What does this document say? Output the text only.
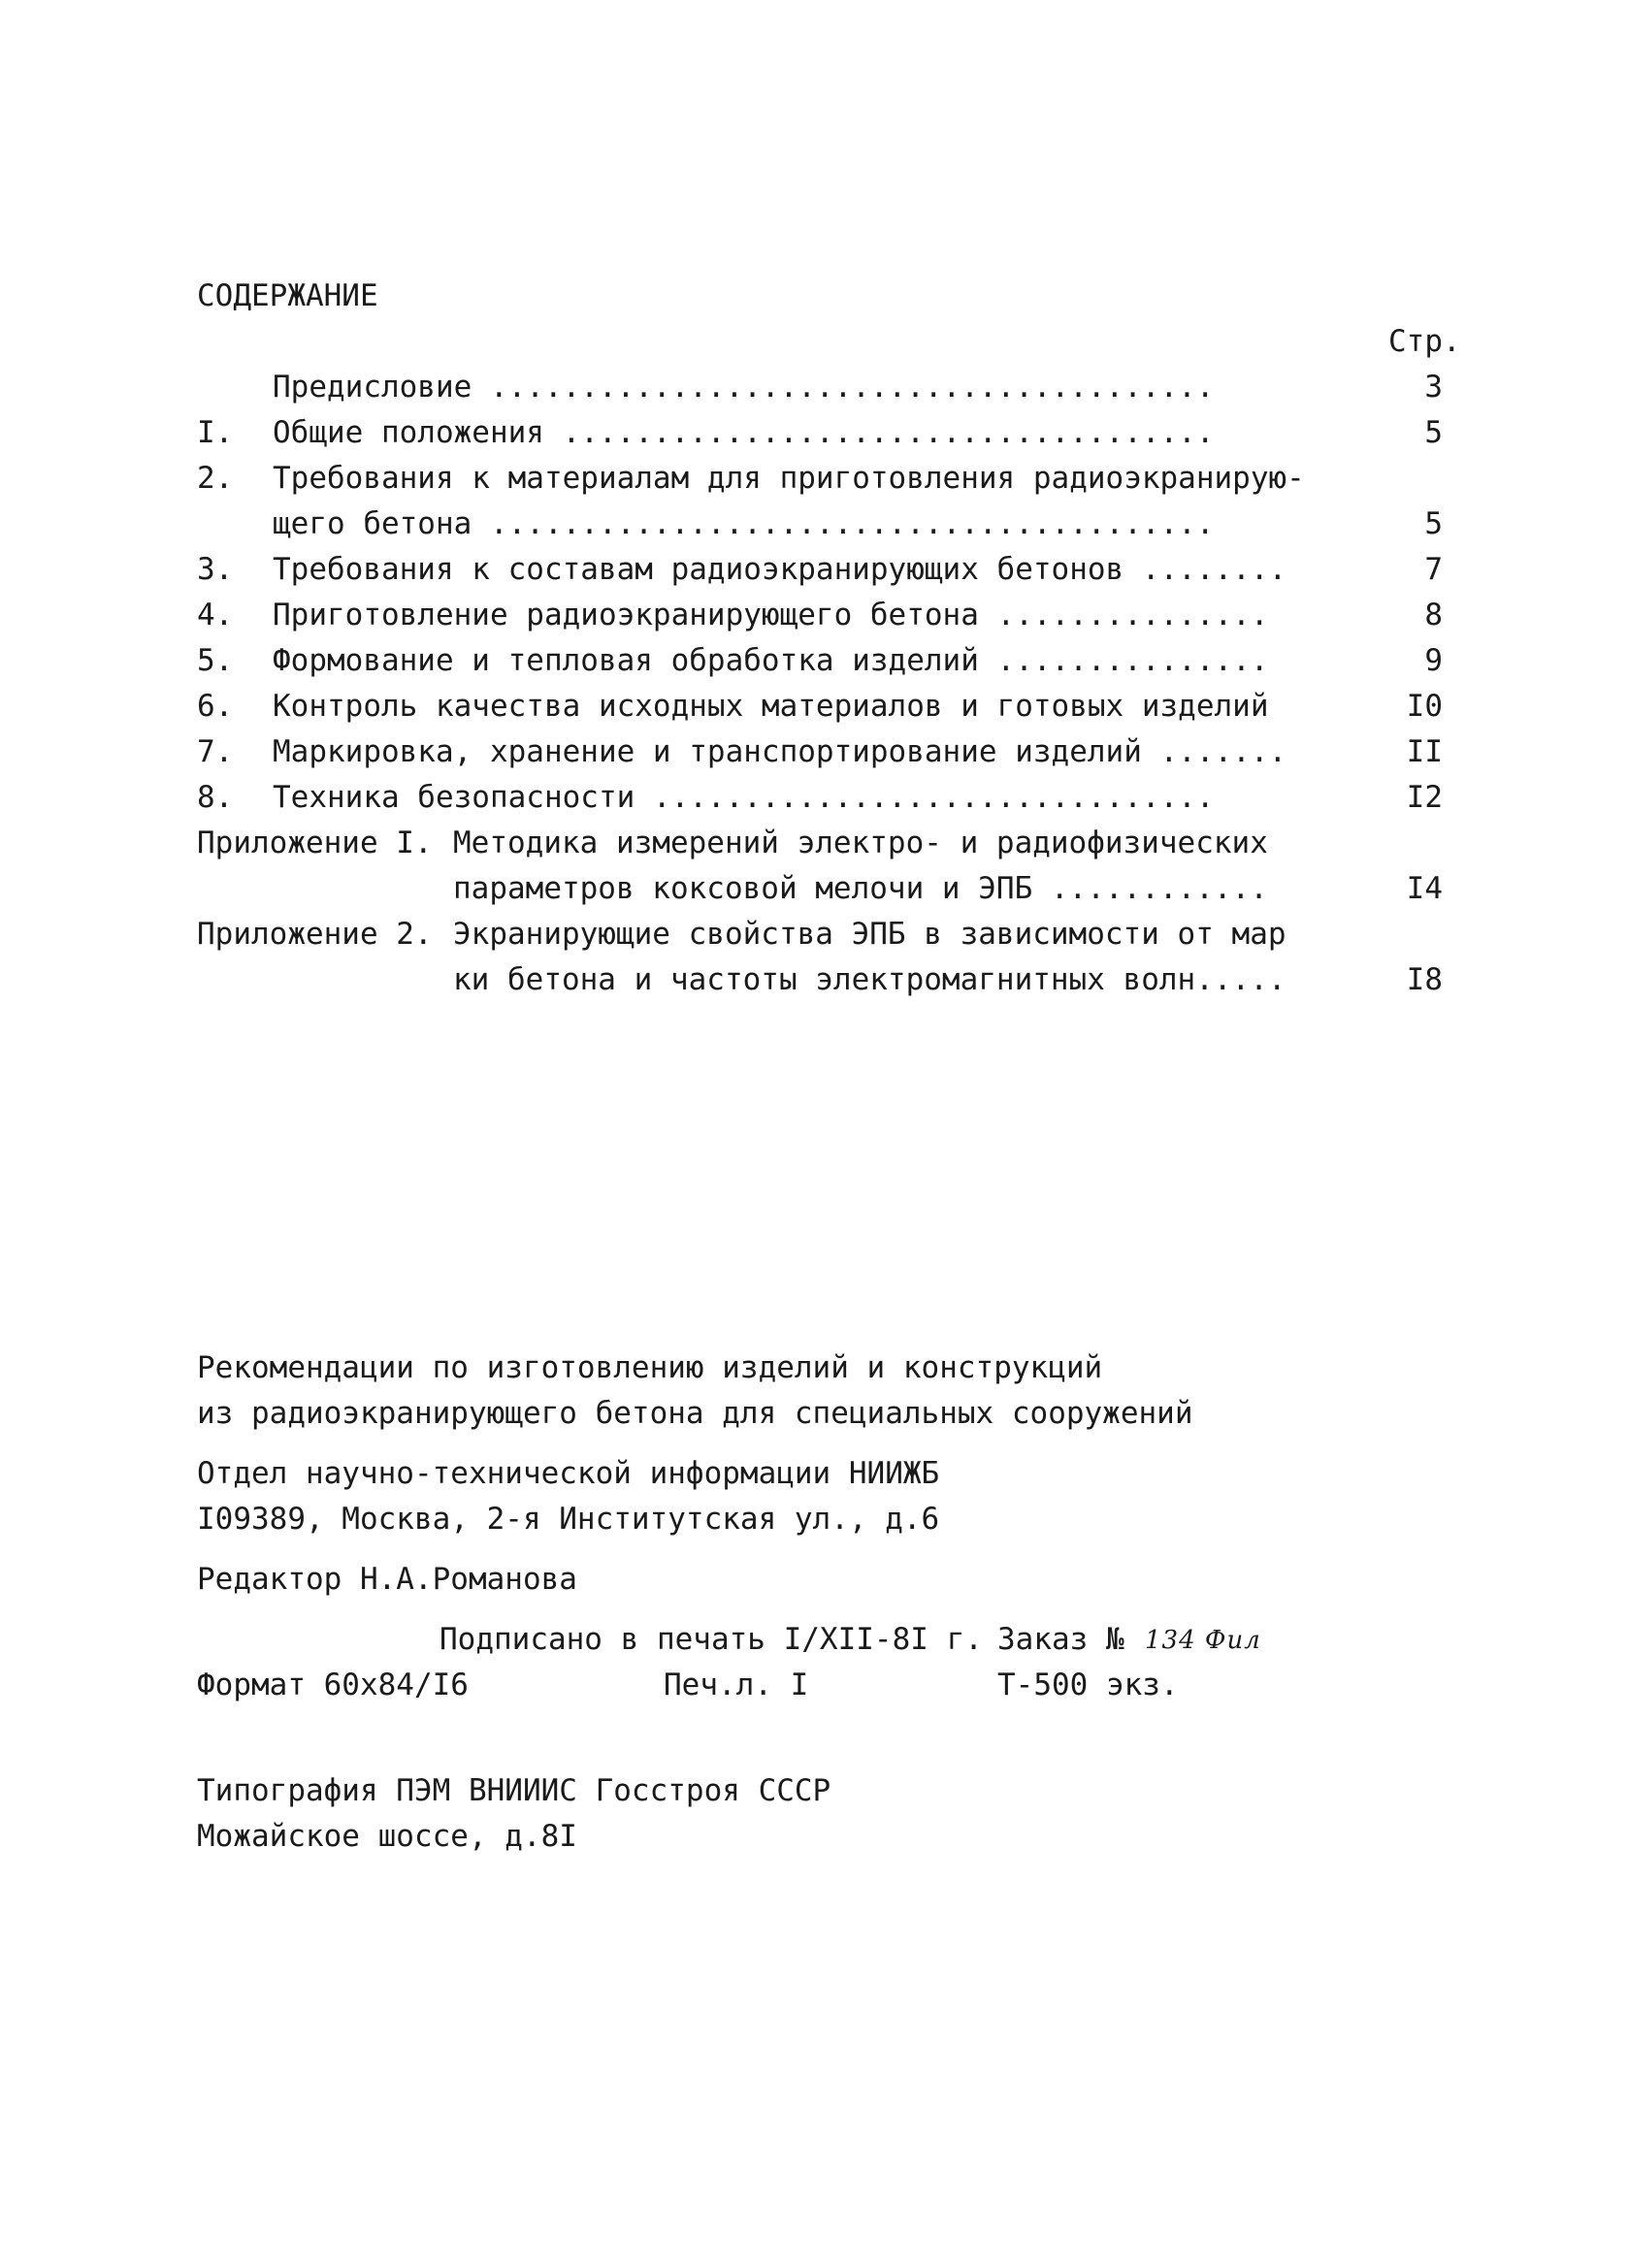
СОДЕРЖАНИЕ
Стр.
Предисловие ........................................	3
I. Общие положения ....................................	5
2. Требования к материалам для приготовления радиоэкранирую-
щего бетона ........................................	5
3. Требования к составам радиоэкранирующих бетонов ........	7
4. Приготовление радиоэкранирующего бетона ...............	8
5. Формование и тепловая обработка изделий ...............	9
6. Контроль качества исходных материалов и готовых изделий	I0
7. Маркировка, хранение и транспортирование изделий .......	II
8. Техника безопасности ...............................	I2
Приложение I. Методика измерений электро- и радиофизических
параметров коксовой мелочи и ЭПБ ............	I4
Приложение 2. Экранирующие свойства ЭПБ в зависимости от мар
ки бетона и частоты электромагнитных волн.....	I8
Рекомендации по изготовлению изделий и конструкций
из радиоэкранирующего бетона для специальных сооружений
Отдел научно-технической информации НИИЖБ
I09389, Москва, 2-я Институтская ул., д.6
Редактор Н.А.Романова
Подписано в печать I/XII-8I г. Заказ № 134 Фил
Формат 60х84/I6	Печ.л. I	Т-500 экз.
Типография ПЭМ ВНИИИС Госстроя СССР
Можайское шоссе, д.8I
